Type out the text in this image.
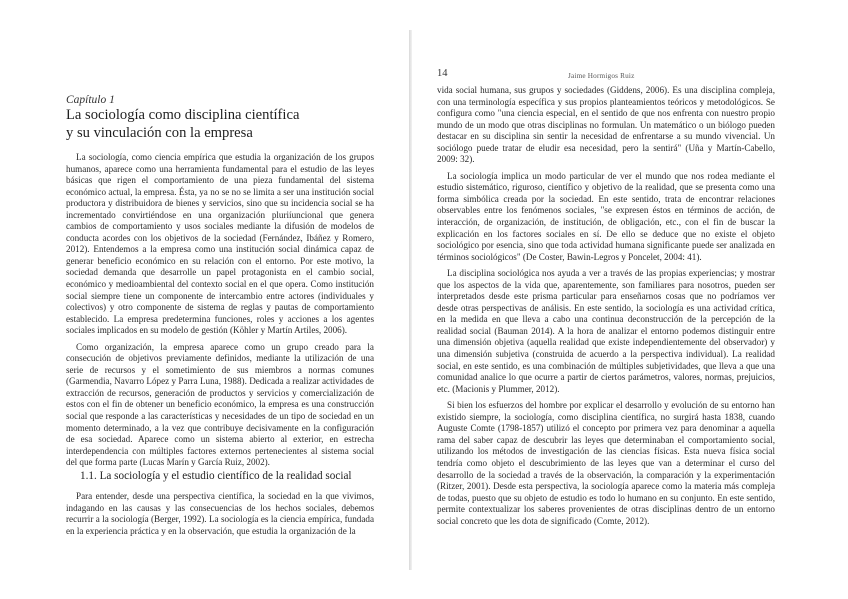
Capítulo 1
La sociología como disciplina científica
y su vinculación con la empresa

La sociología, como ciencia empírica que estudia la organización de los grupos humanos, aparece como una herramienta fundamental para el estudio de las leyes básicas que rigen el comportamiento de una pieza fundamental del sistema económico actual, la empresa. Ésta, ya no se no se limita a ser una institución social productora y distribuidora de bienes y servicios, sino que su incidencia social se ha incrementado convirtiéndose en una organización pluriíuncional que genera cambios de comportamiento y usos sociales mediante la difusión de modelos de conducta acordes con los objetivos de la sociedad (Fernández, Ibáñez y Romero, 2012). Entendemos a la empresa como una institución social dinámica capaz de generar beneficio económico en su relación con el entorno. Por este motivo, la sociedad demanda que desarrolle un papel protagonista en el cambio social, económico y medioambiental del contexto social en el que opera. Como institución social siempre tiene un componente de intercambio entre actores (individuales y colectivos) y otro componente de sistema de reglas y pautas de comportamiento establecido. La empresa predetermina funciones, roles y acciones a los agentes sociales implicados en su modelo de gestión (Köhler y Martín Artiles, 2006).

Como organización, la empresa aparece como un grupo creado para la consecución de objetivos previamente definidos, mediante la utilización de una serie de recursos y el sometimiento de sus miembros a normas comunes (Garmendia, Navarro López y Parra Luna, 1988). Dedicada a realizar actividades de extracción de recursos, generación de productos y servicios y comercialización de estos con el fin de obtener un beneficio económico, la empresa es una construcción social que responde a las características y necesidades de un tipo de sociedad en un momento determinado, a la vez que contribuye decisivamente en la configuración de esa sociedad. Aparece como un sistema abierto al exterior, en estrecha interdependencia con múltiples factores externos pertenecientes al sistema social del que forma parte (Lucas Marín y García Ruiz, 2002).

1.1. La sociología y el estudio científico de la realidad social

Para entender, desde una perspectiva científica, la sociedad en la que vivimos, indagando en las causas y las consecuencias de los hechos sociales, debemos recurrir a la sociología (Berger, 1992). La sociología es la ciencia empírica, fundada en la experiencia práctica y en la observación, que estudia la organización de la

14	Jaime Hormigos Ruiz

vida social humana, sus grupos y sociedades (Giddens, 2006). Es una disciplina compleja, con una terminología específica y sus propios planteamientos teóricos y metodológicos. Se configura como "una ciencia especial, en el sentido de que nos enfrenta con nuestro propio mundo de un modo que otras disciplinas no formulan. Un matemático o un biólogo pueden destacar en su disciplina sin sentir la necesidad de enfrentarse a su mundo vivencial. Un sociólogo puede tratar de eludir esa necesidad, pero la sentirá" (Uña y Martín-Cabello, 2009: 32).

La sociología implica un modo particular de ver el mundo que nos rodea mediante el estudio sistemático, riguroso, científico y objetivo de la realidad, que se presenta como una forma simbólica creada por la sociedad. En este sentido, trata de encontrar relaciones observables entre los fenómenos sociales, "se expresen éstos en términos de acción, de interacción, de organización, de institución, de obligación, etc., con el fin de buscar la explicación en los factores sociales en sí. De ello se deduce que no existe el objeto sociológico por esencia, sino que toda actividad humana significante puede ser analizada en términos sociológicos" (De Coster, Bawin-Legros y Poncelet, 2004: 41).

La disciplina sociológica nos ayuda a ver a través de las propias experiencias; y mostrar que los aspectos de la vida que, aparentemente, son familiares para nosotros, pueden ser interpretados desde este prisma particular para enseñarnos cosas que no podríamos ver desde otras perspectivas de análisis. En este sentido, la sociología es una actividad crítica, en la medida en que lleva a cabo una continua deconstrucción de la percepción de la realidad social (Bauman 2014). A la hora de analizar el entorno podemos distinguir entre una dimensión objetiva (aquella realidad que existe independientemente del observador) y una dimensión subjetiva (construida de acuerdo a la perspectiva individual). La realidad social, en este sentido, es una combinación de múltiples subjetividades, que lleva a que una comunidad analice lo que ocurre a partir de ciertos parámetros, valores, normas, prejuicios, etc. (Macionis y Plummer, 2012).

Si bien los esfuerzos del hombre por explicar el desarrollo y evolución de su entorno han existido siempre, la sociología, como disciplina científica, no surgirá hasta 1838, cuando Auguste Comte (1798-1857) utilizó el concepto por primera vez para denominar a aquella rama del saber capaz de descubrir las leyes que determinaban el comportamiento social, utilizando los métodos de investigación de las ciencias físicas. Esta nueva física social tendría como objeto el descubrimiento de las leyes que van a determinar el curso del desarrollo de la sociedad a través de la observación, la comparación y la experimentación (Ritzer, 2001). Desde esta perspectiva, la sociología aparece como la materia más compleja de todas, puesto que su objeto de estudio es todo lo humano en su conjunto. En este sentido, permite contextualizar los saberes provenientes de otras disciplinas dentro de un entorno social concreto que les dota de significado (Comte, 2012).
